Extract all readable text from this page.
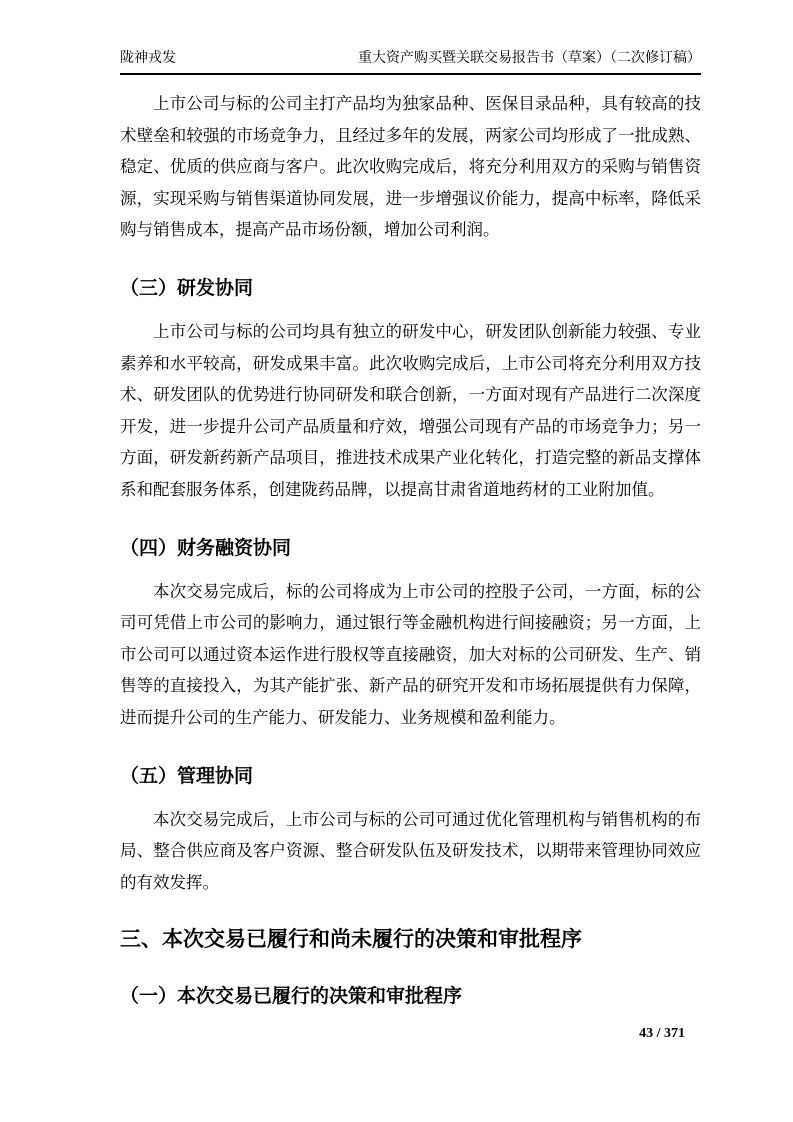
陇神戎发	重大资产购买暨关联交易报告书（草案）（二次修订稿）

上市公司与标的公司主打产品均为独家品种、医保目录品种，具有较高的技术壁垒和较强的市场竞争力，且经过多年的发展，两家公司均形成了一批成熟、稳定、优质的供应商与客户。此次收购完成后，将充分利用双方的采购与销售资源，实现采购与销售渠道协同发展，进一步增强议价能力，提高中标率，降低采购与销售成本，提高产品市场份额，增加公司利润。

（三）研发协同

上市公司与标的公司均具有独立的研发中心，研发团队创新能力较强、专业素养和水平较高，研发成果丰富。此次收购完成后，上市公司将充分利用双方技术、研发团队的优势进行协同研发和联合创新，一方面对现有产品进行二次深度开发，进一步提升公司产品质量和疗效，增强公司现有产品的市场竞争力；另一方面，研发新药新产品项目，推进技术成果产业化转化，打造完整的新品支撑体系和配套服务体系，创建陇药品牌，以提高甘肃省道地药材的工业附加值。

（四）财务融资协同

本次交易完成后，标的公司将成为上市公司的控股子公司，一方面，标的公司可凭借上市公司的影响力，通过银行等金融机构进行间接融资；另一方面，上市公司可以通过资本运作进行股权等直接融资，加大对标的公司研发、生产、销售等的直接投入，为其产能扩张、新产品的研究开发和市场拓展提供有力保障，进而提升公司的生产能力、研发能力、业务规模和盈利能力。

（五）管理协同

本次交易完成后，上市公司与标的公司可通过优化管理机构与销售机构的布局、整合供应商及客户资源、整合研发队伍及研发技术，以期带来管理协同效应的有效发挥。

三、本次交易已履行和尚未履行的决策和审批程序
（一）本次交易已履行的决策和审批程序
43 / 371
